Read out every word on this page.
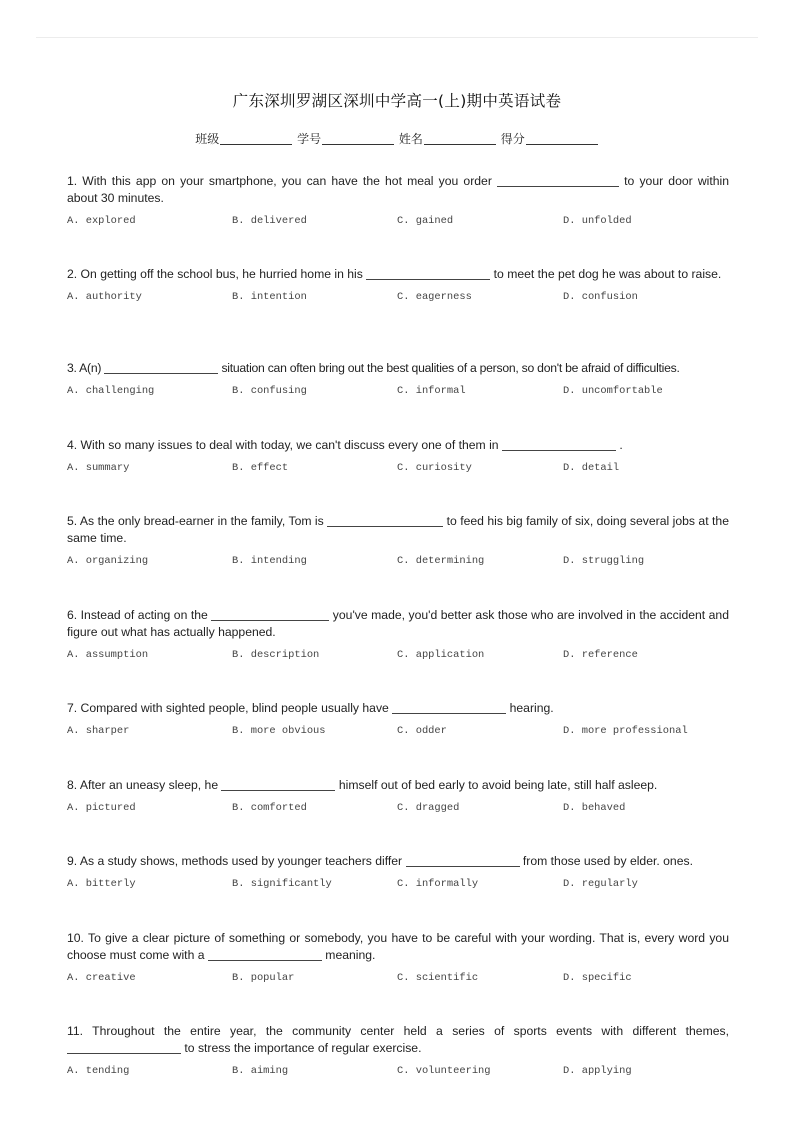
广东深圳罗湖区深圳中学高一(上)期中英语试卷
班级	学号	姓名	得分

1. With this app on your smartphone, you can have the hot meal you order	to your door within about 30 minutes.

A. explored	B. delivered	C. gained	D. unfolded

2. On getting off the school bus, he hurried home in his	to meet the pet dog he was about to raise.

A. authority	B. intention	C. eagerness	D. confusion

3. A(n)	situation can often bring out the best qualities of a person, so don't be afraid of difficulties.

A. challenging	B. confusing	C. informal	D. uncomfortable

4. With so many issues to deal with today, we can't discuss every one of them in	.

A. summary	B. effect	C. curiosity	D. detail

5. As the only bread-earner in the family, Tom is	to feed his big family of six, doing several jobs at the same time.

A. organizing	B. intending	C. determining	D. struggling

6. Instead of acting on the	you've made, you'd better ask those who are involved in the accident and figure out what has actually happened.

A. assumption	B. description	C. application	D. reference

7. Compared with sighted people, blind people usually have	hearing.

A. sharper	B. more obvious	C. odder	D. more professional

8. After an uneasy sleep, he	himself out of bed early to avoid being late, still half asleep.

A. pictured	B. comforted	C. dragged	D. behaved

9. As a study shows, methods used by younger teachers differ	from those used by elder. ones.

A. bitterly	B. significantly	C. informally	D. regularly

10. To give a clear picture of something or somebody, you have to be careful with your wording. That is, every word you choose must come with a	meaning.

A. creative	B. popular	C. scientific	D. specific

11. Throughout the entire year, the community center held a series of sports events with different themes,  to stress the importance of regular exercise.

A. tending	B. aiming	C. volunteering	D. applying
